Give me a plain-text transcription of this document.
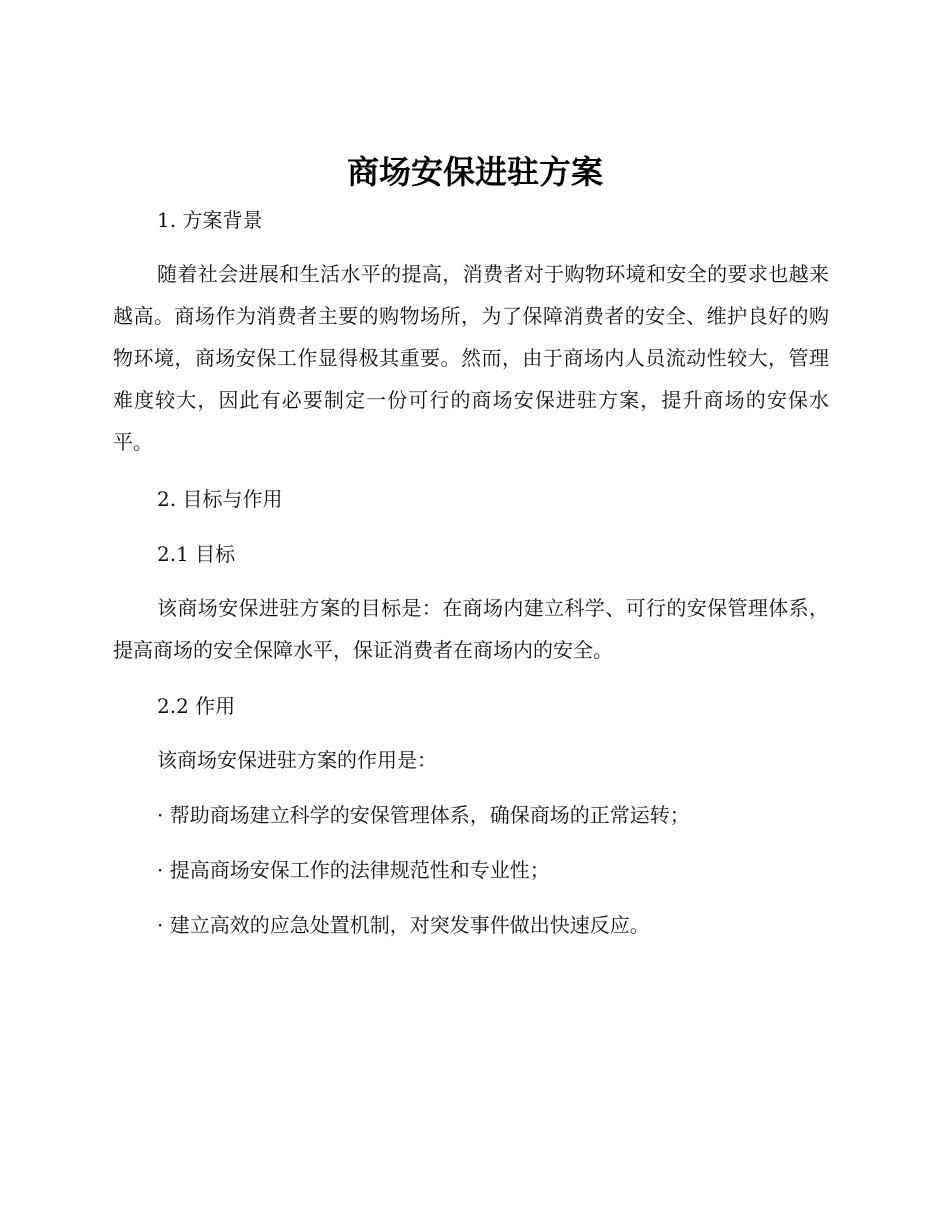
商场安保进驻方案
1. 方案背景

随着社会进展和生活水平的提高，消费者对于购物环境和安全的要求也越来越高。商场作为消费者主要的购物场所，为了保障消费者的安全、维护良好的购物环境，商场安保工作显得极其重要。然而，由于商场内人员流动性较大，管理难度较大，因此有必要制定一份可行的商场安保进驻方案，提升商场的安保水平。

2. 目标与作用
2.1 目标

该商场安保进驻方案的目标是：在商场内建立科学、可行的安保管理体系，提高商场的安全保障水平，保证消费者在商场内的安全。

2.2 作用

该商场安保进驻方案的作用是：

· 帮助商场建立科学的安保管理体系，确保商场的正常运转；

· 提高商场安保工作的法律规范性和专业性；

· 建立高效的应急处置机制，对突发事件做出快速反应。
